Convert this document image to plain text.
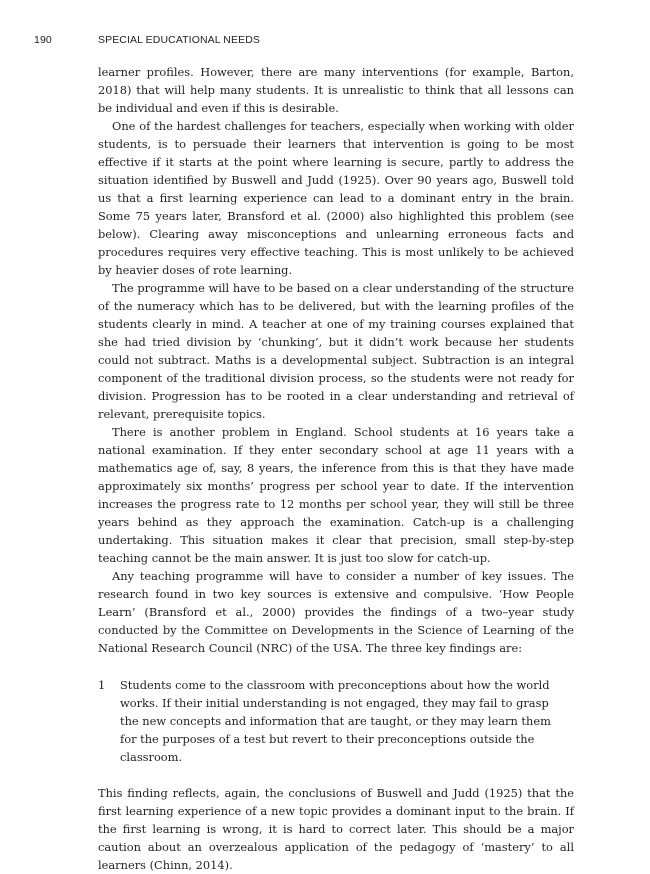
190	SPECIAL EDUCATIONAL NEEDS

learner profiles. However, there are many interventions (for example, Barton, 2018) that will help many students. It is unrealistic to think that all lessons can be individual and even if this is desirable.

One of the hardest challenges for teachers, especially when working with older students, is to persuade their learners that intervention is going to be most effective if it starts at the point where learning is secure, partly to address the situation identified by Buswell and Judd (1925). Over 90 years ago, Buswell told us that a first learning experience can lead to a dominant entry in the brain. Some 75 years later, Bransford et al. (2000) also highlighted this problem (see below). Clearing away misconceptions and unlearning erroneous facts and procedures requires very effective teaching. This is most unlikely to be achieved by heavier doses of rote learning.

The programme will have to be based on a clear understanding of the structure of the numeracy which has to be delivered, but with the learning profiles of the students clearly in mind. A teacher at one of my training courses explained that she had tried division by ‘chunking’, but it didn’t work because her students could not subtract. Maths is a developmental subject. Subtraction is an integral component of the traditional division process, so the students were not ready for division. Progression has to be rooted in a clear understanding and retrieval of relevant, prerequisite topics.

There is another problem in England. School students at 16 years take a national examination. If they enter secondary school at age 11 years with a mathematics age of, say, 8 years, the inference from this is that they have made approximately six months’ progress per school year to date. If the intervention increases the progress rate to 12 months per school year, they will still be three years behind as they approach the examination. Catch-up is a challenging undertaking. This situation makes it clear that precision, small step-by-step teaching cannot be the main answer. It is just too slow for catch-up.

Any teaching programme will have to consider a number of key issues. The research found in two key sources is extensive and compulsive. ‘How People Learn’ (Bransford et al., 2000) provides the findings of a two–year study conducted by the Committee on Developments in the Science of Learning of the National Research Council (NRC) of the USA. The three key findings are:

1	Students come to the classroom with preconceptions about how the world works. If their initial understanding is not engaged, they may fail to grasp the new concepts and information that are taught, or they may learn them for the purposes of a test but revert to their preconceptions outside the classroom.

This finding reflects, again, the conclusions of Buswell and Judd (1925) that the first learning experience of a new topic provides a dominant input to the brain. If the first learning is wrong, it is hard to correct later. This should be a major caution about an overzealous application of the pedagogy of ‘mastery’ to all learners (Chinn, 2014).
